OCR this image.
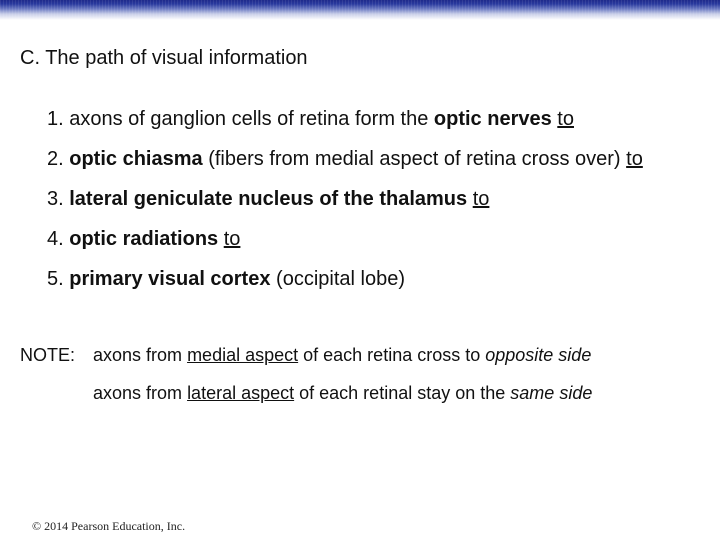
C. The path of visual information
1. axons of ganglion cells of retina form the optic nerves to
2. optic chiasma (fibers from medial aspect of retina cross over) to
3. lateral geniculate nucleus of the thalamus to
4. optic radiations to
5. primary visual cortex (occipital lobe)
NOTE: axons from medial aspect of each retina cross to opposite side
axons from lateral aspect of each retinal stay on the same side
© 2014 Pearson Education, Inc.
